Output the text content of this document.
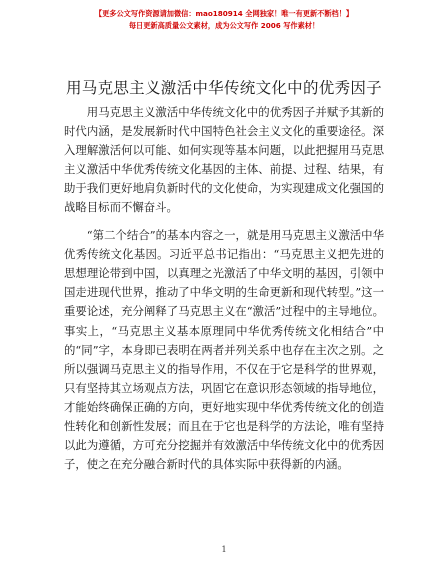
【更多公文写作资源请加微信：mao180914 全网独家！唯一有更新不断档！】
每日更新高质量公文素材，成为公文写作 2006 写作素材！
用马克思主义激活中华传统文化中的优秀因子

用马克思主义激活中华传统文化中的优秀因子并赋予其新的时代内涵，是发展新时代中国特色社会主义文化的重要途径。深入理解激活何以可能、如何实现等基本问题，以此把握用马克思主义激活中华优秀传统文化基因的主体、前提、过程、结果，有助于我们更好地肩负新时代的文化使命，为实现建成文化强国的战略目标而不懈奋斗。

“第二个结合”的基本内容之一，就是用马克思主义激活中华优秀传统文化基因。习近平总书记指出：“马克思主义把先进的思想理论带到中国，以真理之光激活了中华文明的基因，引领中国走进现代世界，推动了中华文明的生命更新和现代转型。”这一重要论述，充分阐释了马克思主义在“激活”过程中的主导地位。事实上，“马克思主义基本原理同中华优秀传统文化相结合”中的“同”字，本身即已表明在两者并列关系中也存在主次之别。之所以强调马克思主义的指导作用，不仅在于它是科学的世界观，只有坚持其立场观点方法，巩固它在意识形态领域的指导地位，才能始终确保正确的方向，更好地实现中华优秀传统文化的创造性转化和创新性发展；而且在于它也是科学的方法论，唯有坚持以此为遵循，方可充分挖掘并有效激活中华传统文化中的优秀因子，使之在充分融合新时代的具体实际中获得新的内涵。

1
